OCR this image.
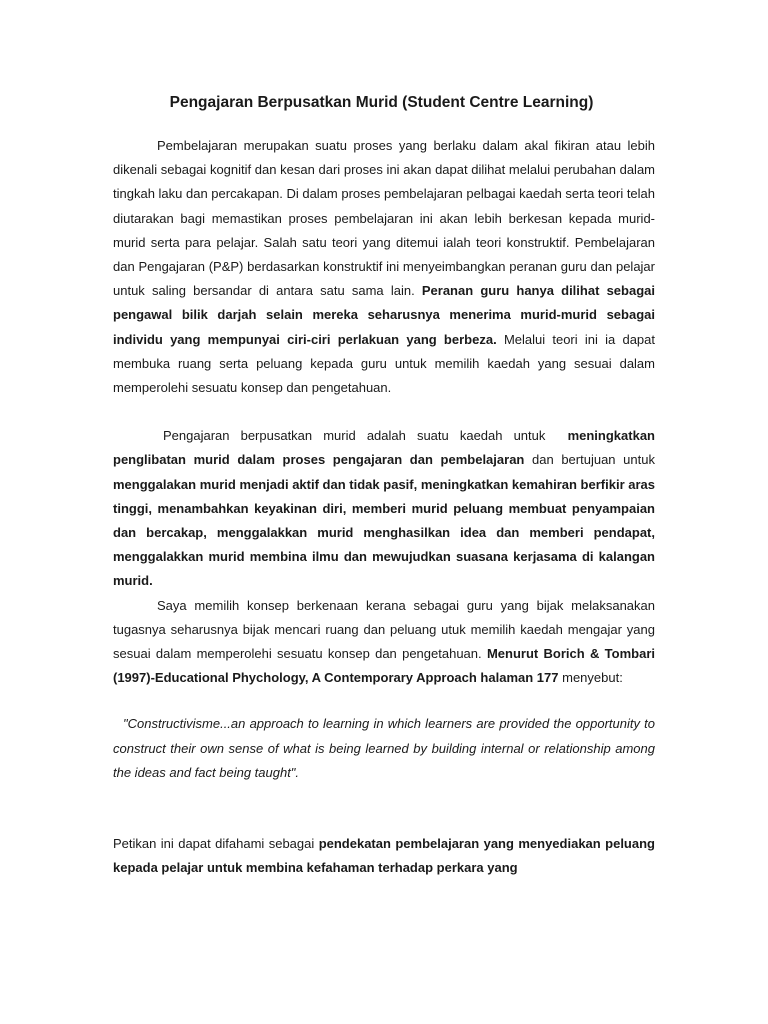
Pengajaran Berpusatkan Murid (Student Centre Learning)

Pembelajaran merupakan suatu proses yang berlaku dalam akal fikiran atau lebih dikenali sebagai kognitif dan kesan dari proses ini akan dapat dilihat melalui perubahan dalam tingkah laku dan percakapan. Di dalam proses pembelajaran pelbagai kaedah serta teori telah diutarakan bagi memastikan proses pembelajaran ini akan lebih berkesan kepada murid-murid serta para pelajar. Salah satu teori yang ditemui ialah teori konstruktif. Pembelajaran dan Pengajaran (P&P) berdasarkan konstruktif ini menyeimbangkan peranan guru dan pelajar untuk saling bersandar di antara satu sama lain. Peranan guru hanya dilihat sebagai pengawal bilik darjah selain mereka seharusnya menerima murid-murid sebagai individu yang mempunyai ciri-ciri perlakuan yang berbeza. Melalui teori ini ia dapat membuka ruang serta peluang kepada guru untuk memilih kaedah yang sesuai dalam memperolehi sesuatu konsep dan pengetahuan.

Pengajaran berpusatkan murid adalah suatu kaedah untuk meningkatkan penglibatan murid dalam proses pengajaran dan pembelajaran dan bertujuan untuk menggalakan murid menjadi aktif dan tidak pasif, meningkatkan kemahiran berfikir aras tinggi, menambahkan keyakinan diri, memberi murid peluang membuat penyampaian dan bercakap, menggalakkan murid menghasilkan idea dan memberi pendapat, menggalakkan murid membina ilmu dan mewujudkan suasana kerjasama di kalangan murid.

Saya memilih konsep berkenaan kerana sebagai guru yang bijak melaksanakan tugasnya seharusnya bijak mencari ruang dan peluang utuk memilih kaedah mengajar yang sesuai dalam memperolehi sesuatu konsep dan pengetahuan. Menurut Borich & Tombari (1997)-Educational Phychology, A Contemporary Approach halaman 177 menyebut:

"Constructivisme...an approach to learning in which learners are provided the opportunity to construct their own sense of what is being learned by building internal or relationship among the ideas and fact being taught".

Petikan ini dapat difahami sebagai pendekatan pembelajaran yang menyediakan peluang kepada pelajar untuk membina kefahaman terhadap perkara yang
